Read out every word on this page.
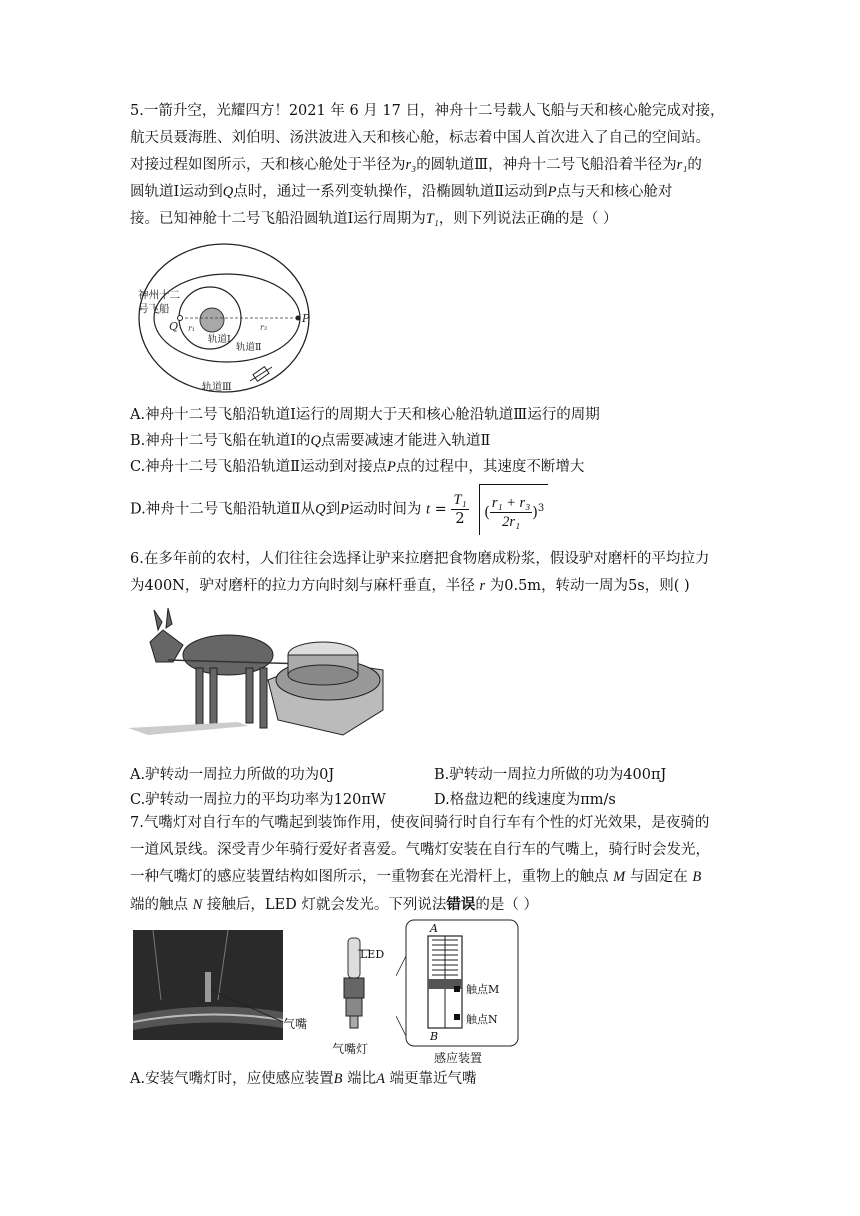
5.一箭升空，光耀四方！2021 年 6 月 17 日，神舟十二号载人飞船与天和核心舱完成对接，

航天员聂海胜、刘伯明、汤洪波进入天和核心舱，标志着中国人首次进入了自己的空间站。

对接过程如图所示，天和核心舱处于半径为r₃的圆轨道Ⅲ，神舟十二号飞船沿着半径为r₁的

圆轨道Ⅰ运动到Q点时，通过一系列变轨操作，沿椭圆轨道Ⅱ运动到P点与天和核心舱对

接。已知神舱十二号飞船沿圆轨道Ⅰ运行周期为T₁，则下列说法正确的是（ ）

神州十二
号飞船
Q
P
r₁	r₃
轨道Ⅰ
轨道Ⅱ
轨道Ⅲ
A.神舟十二号飞船沿轨道Ⅰ运行的周期大于天和核心舱沿轨道Ⅲ运行的周期
B.神舟十二号飞船在轨道Ⅰ的Q点需要减速才能进入轨道Ⅱ
C.神舟十二号飞船沿轨道Ⅱ运动到对接点P点的过程中，其速度不断增大
D.神舟十二号飞船沿轨道Ⅱ从Q到P运动时间为 $t = \frac{\text{T₁}}{2}$ ( $\frac{\text{r₁ + r₃}}{\text{2r₁}} )^3$

6.在多年前的农村，人们往往会选择让驴来拉磨把食物磨成粉浆，假设驴对磨杆的平均拉力

为400N，驴对磨杆的拉力方向时刻与麻杆垂直，半径 r 为0.5m，转动一周为5s，则( )

A.驴转动一周拉力所做的功为0J	B.驴转动一周拉力所做的功为400πJ
C.驴转动一周拉力的平均功率为120πW	D.格盘边粑的线速度为πm/s

7.气嘴灯对自行车的气嘴起到装饰作用，使夜间骑行时自行车有个性的灯光效果，是夜骑的

一道风景线。深受青少年骑行爱好者喜爱。气嘴灯安装在自行车的气嘴上，骑行时会发光，

一种气嘴灯的感应装置结构如图所示，一重物套在光滑杆上，重物上的触点 M 与固定在 B

端的触点 N 接触后，LED 灯就会发光。下列说法错误 · ·的是（ ）

气嘴
LED
气嘴灯
A
B
触点M
触点N
感应装置
A.安装气嘴灯时，应使感应装置B 端比A 端更靠近气嘴
